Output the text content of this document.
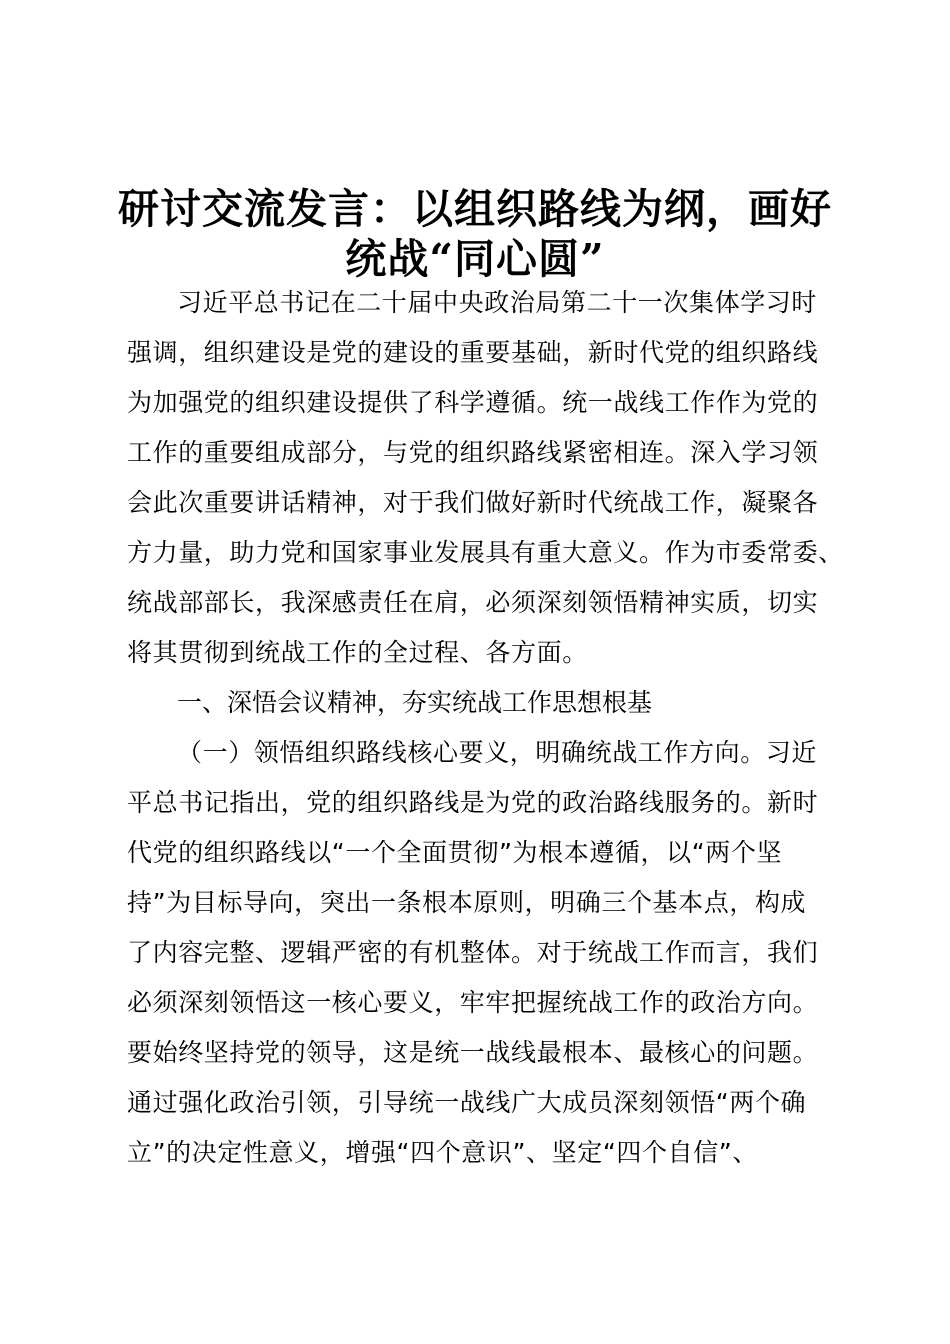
研讨交流发言：以组织路线为纲，画好
统战“同心圆”
习近平总书记在二十届中央政治局第二十一次集体学习时
强调，组织建设是党的建设的重要基础，新时代党的组织路线
为加强党的组织建设提供了科学遵循。统一战线工作作为党的
工作的重要组成部分，与党的组织路线紧密相连。深入学习领
会此次重要讲话精神，对于我们做好新时代统战工作，凝聚各
方力量，助力党和国家事业发展具有重大意义。作为市委常委、
统战部部长，我深感责任在肩，必须深刻领悟精神实质，切实
将其贯彻到统战工作的全过程、各方面。
一、深悟会议精神，夯实统战工作思想根基
（一）领悟组织路线核心要义，明确统战工作方向。习近
平总书记指出，党的组织路线是为党的政治路线服务的。新时
代党的组织路线以“一个全面贯彻”为根本遵循，以“两个坚
持”为目标导向，突出一条根本原则，明确三个基本点，构成
了内容完整、逻辑严密的有机整体。对于统战工作而言，我们
必须深刻领悟这一核心要义，牢牢把握统战工作的政治方向。
要始终坚持党的领导，这是统一战线最根本、最核心的问题。
通过强化政治引领，引导统一战线广大成员深刻领悟“两个确
立”的决定性意义，增强“四个意识”、坚定“四个自信”、
